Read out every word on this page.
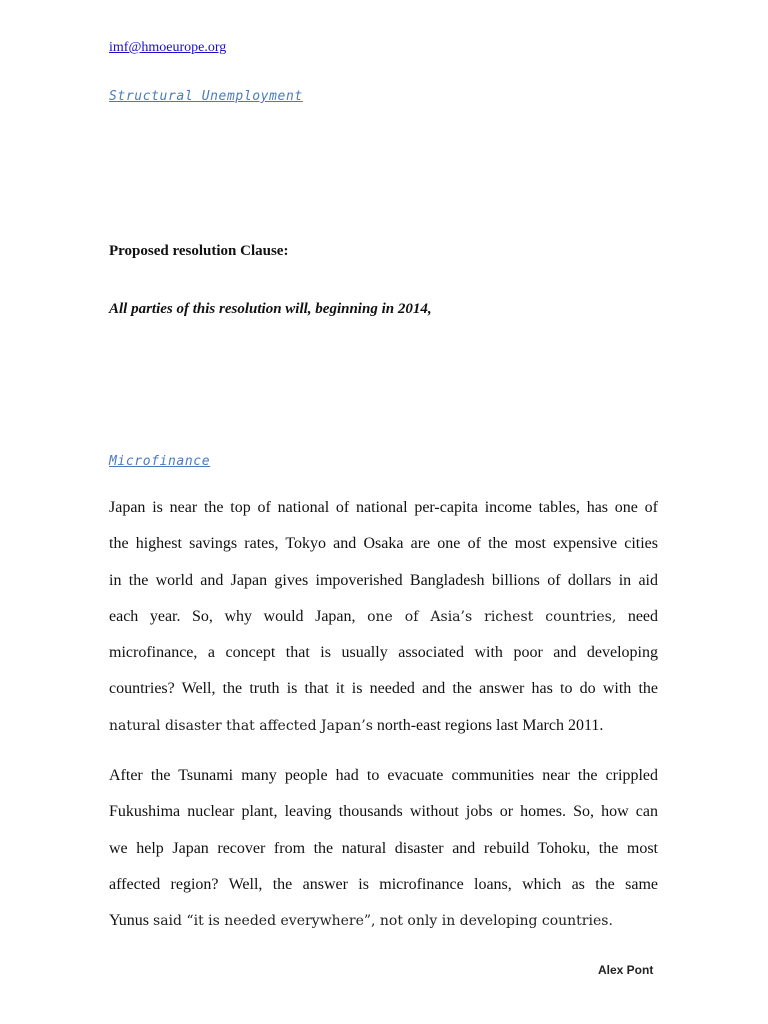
imf@hmoeurope.org

Structural Unemployment

Proposed resolution Clause:

All parties of this resolution will, beginning in 2014,

Microfinance

Japan is near the top of national of national per-capita income tables, has one of
the highest savings rates, Tokyo and Osaka are one of the most expensive cities
in the world and Japan gives impoverished Bangladesh billions of dollars in aid
each year. So, why would Japan, one of Asia’s richest countries, need
microfinance, a concept that is usually associated with poor and developing
countries? Well, the truth is that it is needed and the answer has to do with the
natural disaster that affected Japan’s north-east regions last March 2011.
After the Tsunami many people had to evacuate communities near the crippled
Fukushima nuclear plant, leaving thousands without jobs or homes. So, how can
we help Japan recover from the natural disaster and rebuild Tohoku, the most
affected region? Well, the answer is microfinance loans, which as the same
Yunus said “it is needed everywhere”, not only in developing countries.

Alex Pont
